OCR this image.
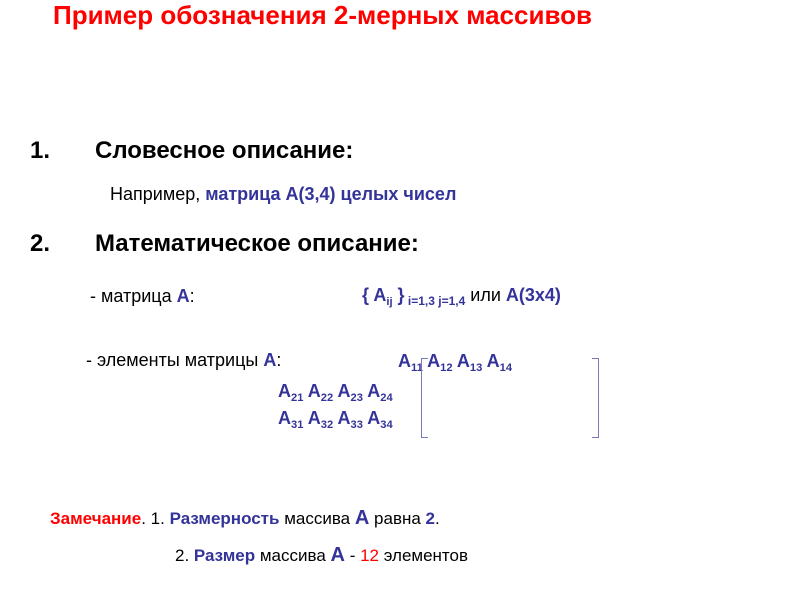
Пример обозначения 2-мерных массивов
1. Словесное описание:
Например, матрица А(3,4) целых чисел
2. Математическое описание:
- матрица А:	{ $A_{ij}$ } $_{i=1,3 j=1,4}$ или А(3х4)
- элементы матрицы А:	$A_{11}$ $A_{12}$ $A_{13}$ $A_{14}$
$A_{21}$ $A_{22}$ $A_{23}$ $A_{24}$
$A_{31}$ $A_{32}$ $A_{33}$ $A_{34}$
Замечание. 1. Размерность массива А равна 2.
2. Размер массива А - 12 элементов
